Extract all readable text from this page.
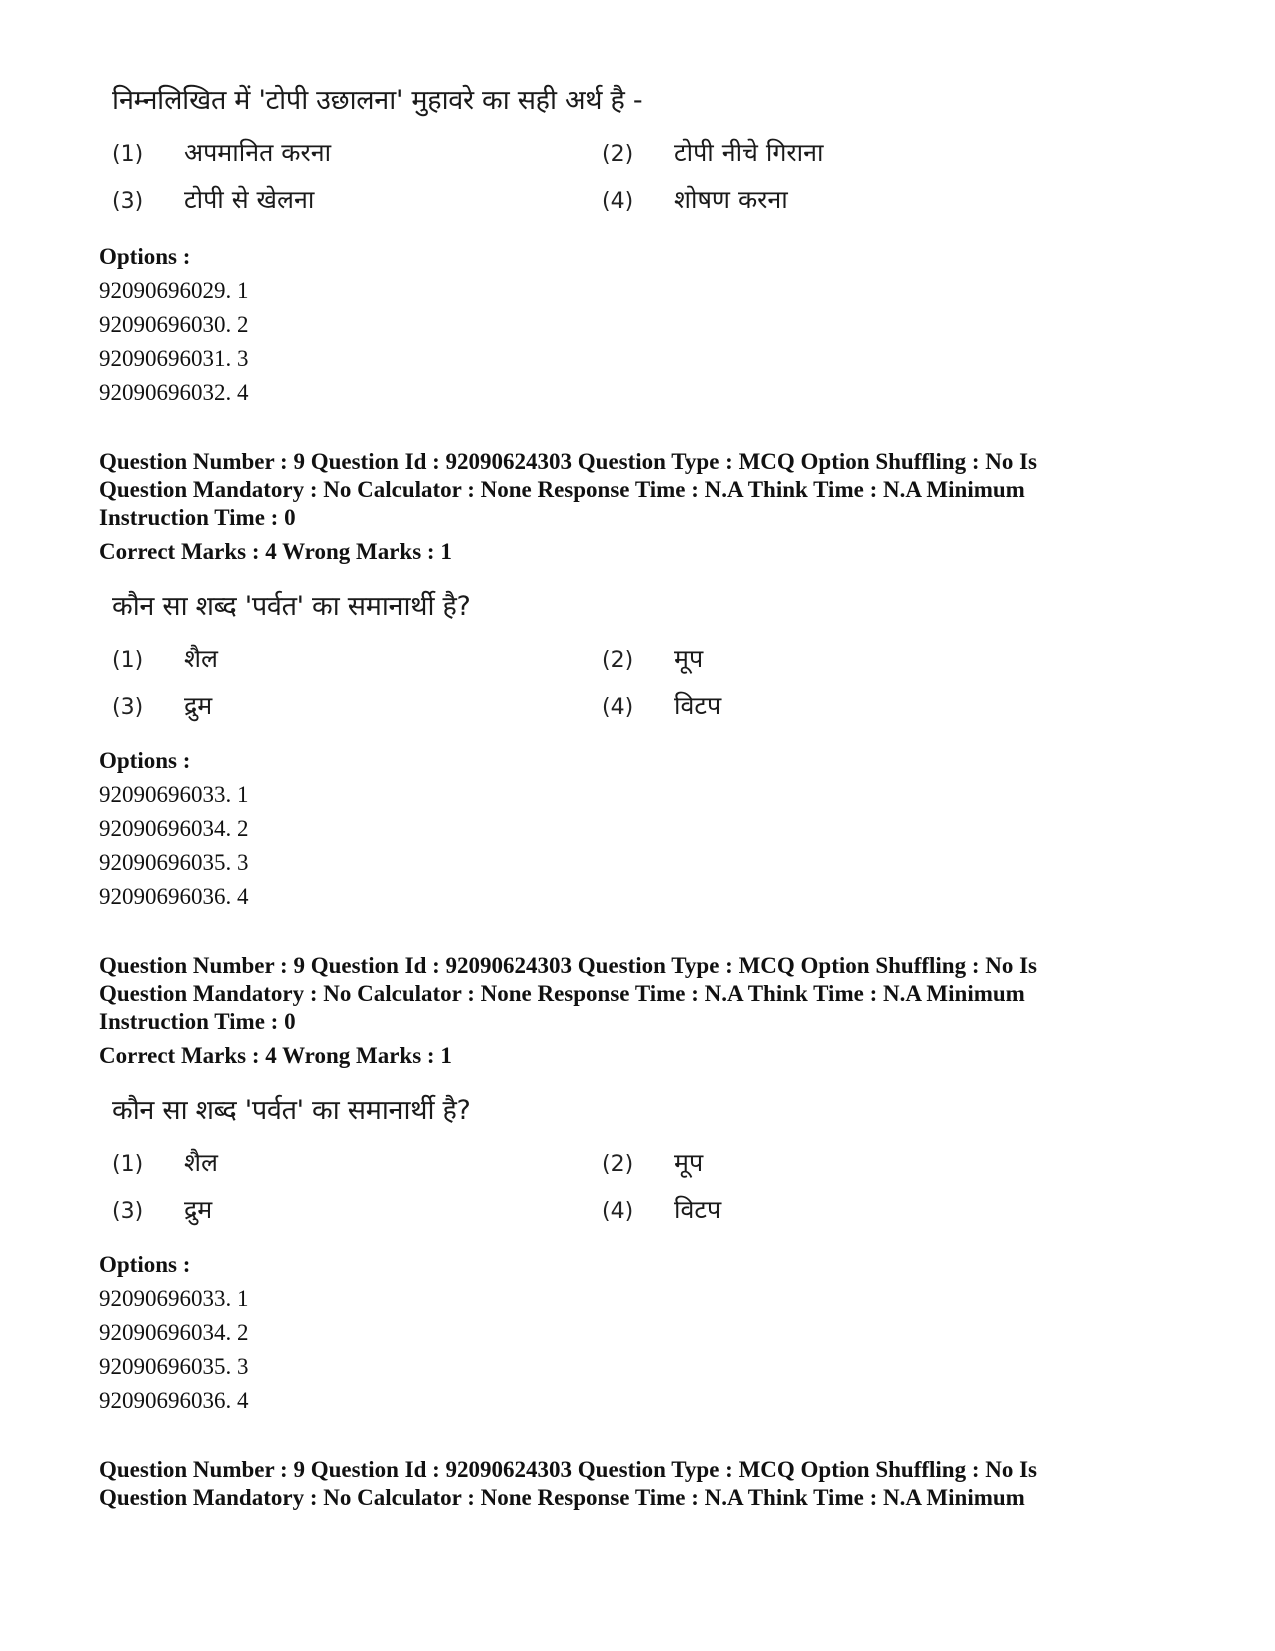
निम्नलिखित में 'टोपी उछालना' मुहावरे का सही अर्थ है -
(1)	अपमानित करना	(2)	टोपी नीचे गिराना
(3)	टोपी से खेलना	(4)	शोषण करना
Options :
92090696029. 1
92090696030. 2
92090696031. 3
92090696032. 4
Question Number : 9 Question Id : 92090624303 Question Type : MCQ Option Shuffling : No Is
Question Mandatory : No Calculator : None Response Time : N.A Think Time : N.A Minimum
Instruction Time : 0
Correct Marks : 4 Wrong Marks : 1
कौन सा शब्द 'पर्वत' का समानार्थी है?
(1)	शैल	(2)	मूप
(3)	द्रुम	(4)	विटप
Options :
92090696033. 1
92090696034. 2
92090696035. 3
92090696036. 4
Question Number : 9 Question Id : 92090624303 Question Type : MCQ Option Shuffling : No Is
Question Mandatory : No Calculator : None Response Time : N.A Think Time : N.A Minimum
Instruction Time : 0
Correct Marks : 4 Wrong Marks : 1
कौन सा शब्द 'पर्वत' का समानार्थी है?
(1)	शैल	(2)	मूप
(3)	द्रुम	(4)	विटप
Options :
92090696033. 1
92090696034. 2
92090696035. 3
92090696036. 4
Question Number : 9 Question Id : 92090624303 Question Type : MCQ Option Shuffling : No Is
Question Mandatory : No Calculator : None Response Time : N.A Think Time : N.A Minimum
